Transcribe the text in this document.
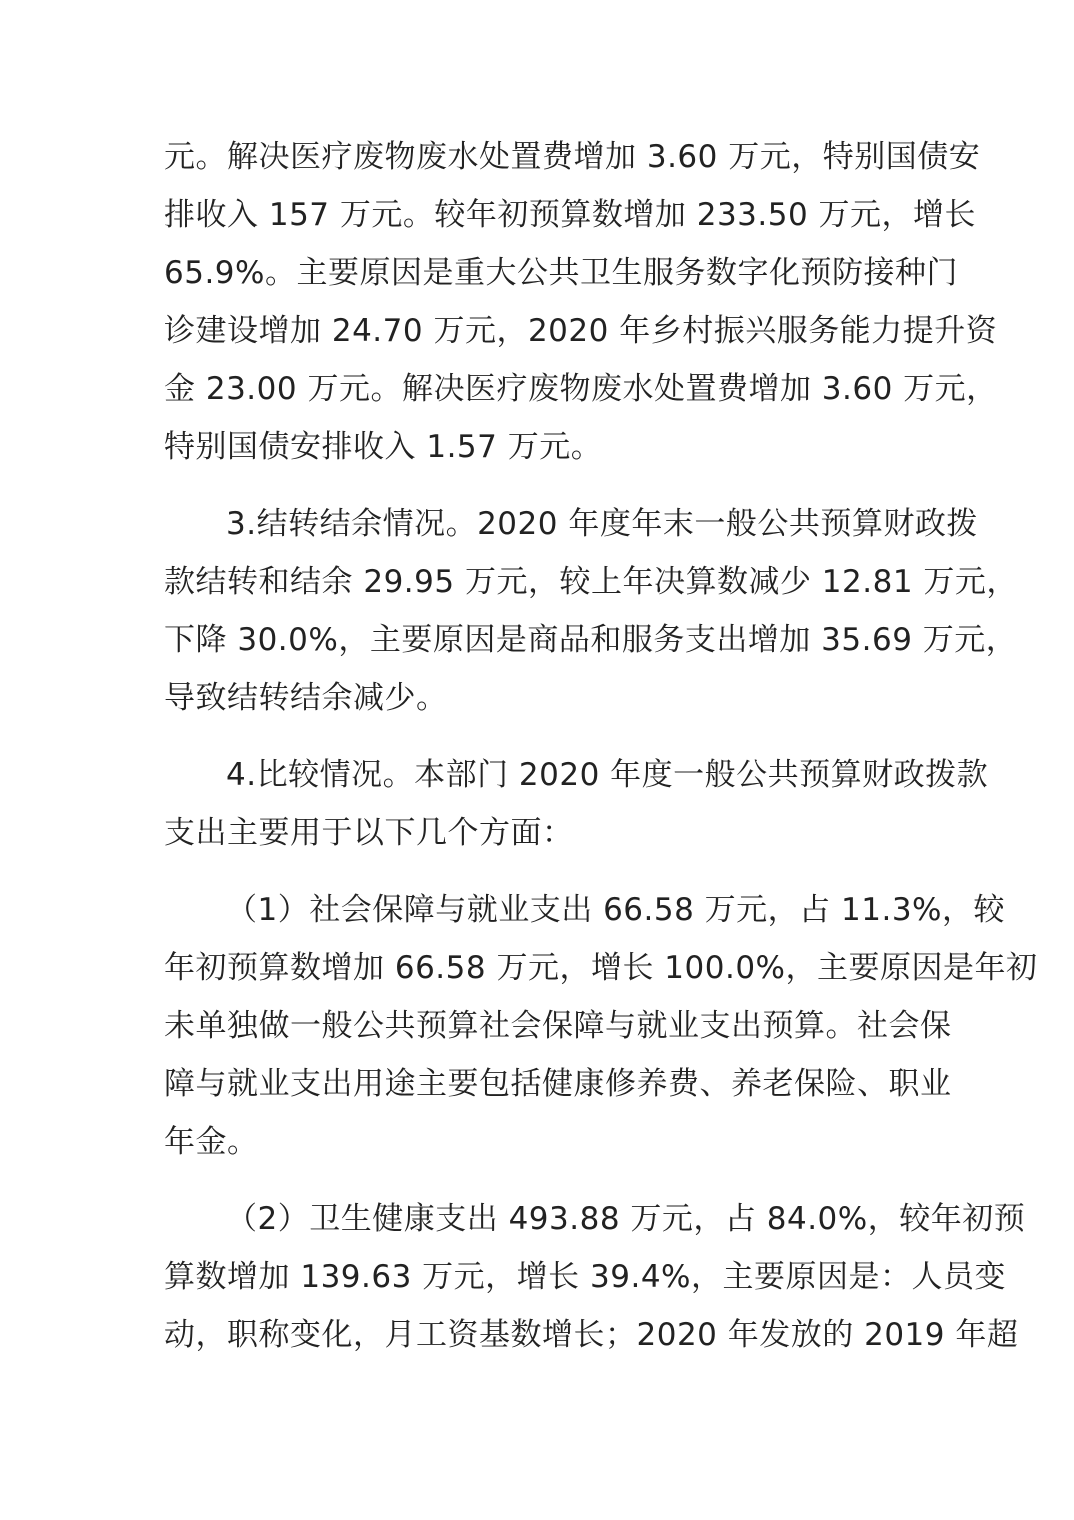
元。解决医疗废物废水处置费增加 3.60 万元，特别国债安
排收入 157 万元。较年初预算数增加 233.50 万元，增长
65.9%。主要原因是重大公共卫生服务数字化预防接种门
诊建设增加 24.70 万元，2020 年乡村振兴服务能力提升资
金 23.00 万元。解决医疗废物废水处置费增加 3.60 万元，
特别国债安排收入 1.57 万元。
3.结转结余情况。2020 年度年末一般公共预算财政拨
款结转和结余 29.95 万元，较上年决算数减少 12.81 万元，
下降 30.0%，主要原因是商品和服务支出增加 35.69 万元，
导致结转结余减少。
4.比较情况。本部门 2020 年度一般公共预算财政拨款
支出主要用于以下几个方面：
（1）社会保障与就业支出 66.58 万元，占 11.3%，较
年初预算数增加 66.58 万元，增长 100.0%，主要原因是年初
未单独做一般公共预算社会保障与就业支出预算。社会保
障与就业支出用途主要包括健康修养费、养老保险、职业
年金。
（2）卫生健康支出 493.88 万元，占 84.0%，较年初预
算数增加 139.63 万元，增长 39.4%，主要原因是：人员变
动，职称变化，月工资基数增长；2020 年发放的 2019 年超
